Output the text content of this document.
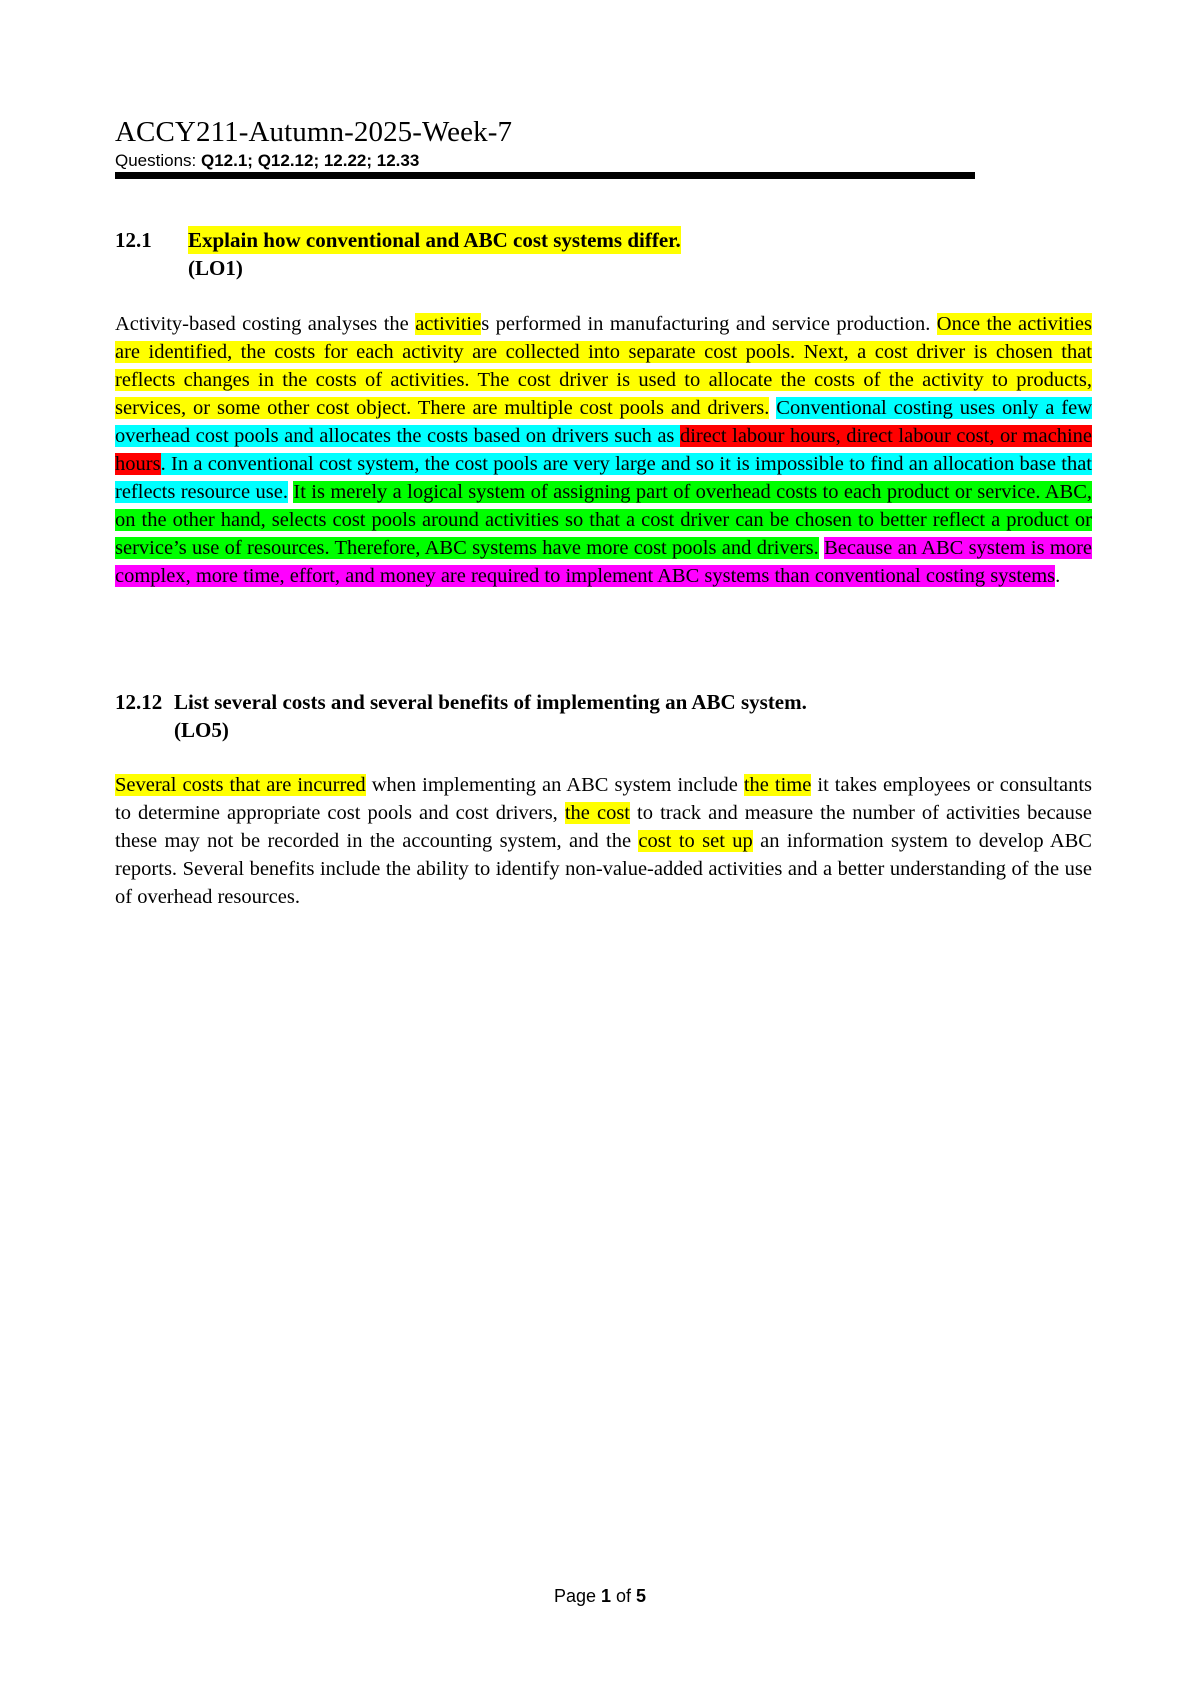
ACCY211-Autumn-2025-Week-7
Questions: Q12.1; Q12.12; 12.22; 12.33
12.1 Explain how conventional and ABC cost systems differ.
(LO1)
Activity-based costing analyses the activities performed in manufacturing and service production. Once the activities are identified, the costs for each activity are collected into separate cost pools. Next, a cost driver is chosen that reflects changes in the costs of activities. The cost driver is used to allocate the costs of the activity to products, services, or some other cost object. There are multiple cost pools and drivers. Conventional costing uses only a few overhead cost pools and allocates the costs based on drivers such as direct labour hours, direct labour cost, or machine hours. In a conventional cost system, the cost pools are very large and so it is impossible to find an allocation base that reflects resource use. It is merely a logical system of assigning part of overhead costs to each product or service. ABC, on the other hand, selects cost pools around activities so that a cost driver can be chosen to better reflect a product or service’s use of resources. Therefore, ABC systems have more cost pools and drivers. Because an ABC system is more complex, more time, effort, and money are required to implement ABC systems than conventional costing systems.
12.12 List several costs and several benefits of implementing an ABC system.
(LO5)
Several costs that are incurred when implementing an ABC system include the time it takes employees or consultants to determine appropriate cost pools and cost drivers, the cost to track and measure the number of activities because these may not be recorded in the accounting system, and the cost to set up an information system to develop ABC reports. Several benefits include the ability to identify non-value-added activities and a better understanding of the use of overhead resources.
Page 1 of 5
